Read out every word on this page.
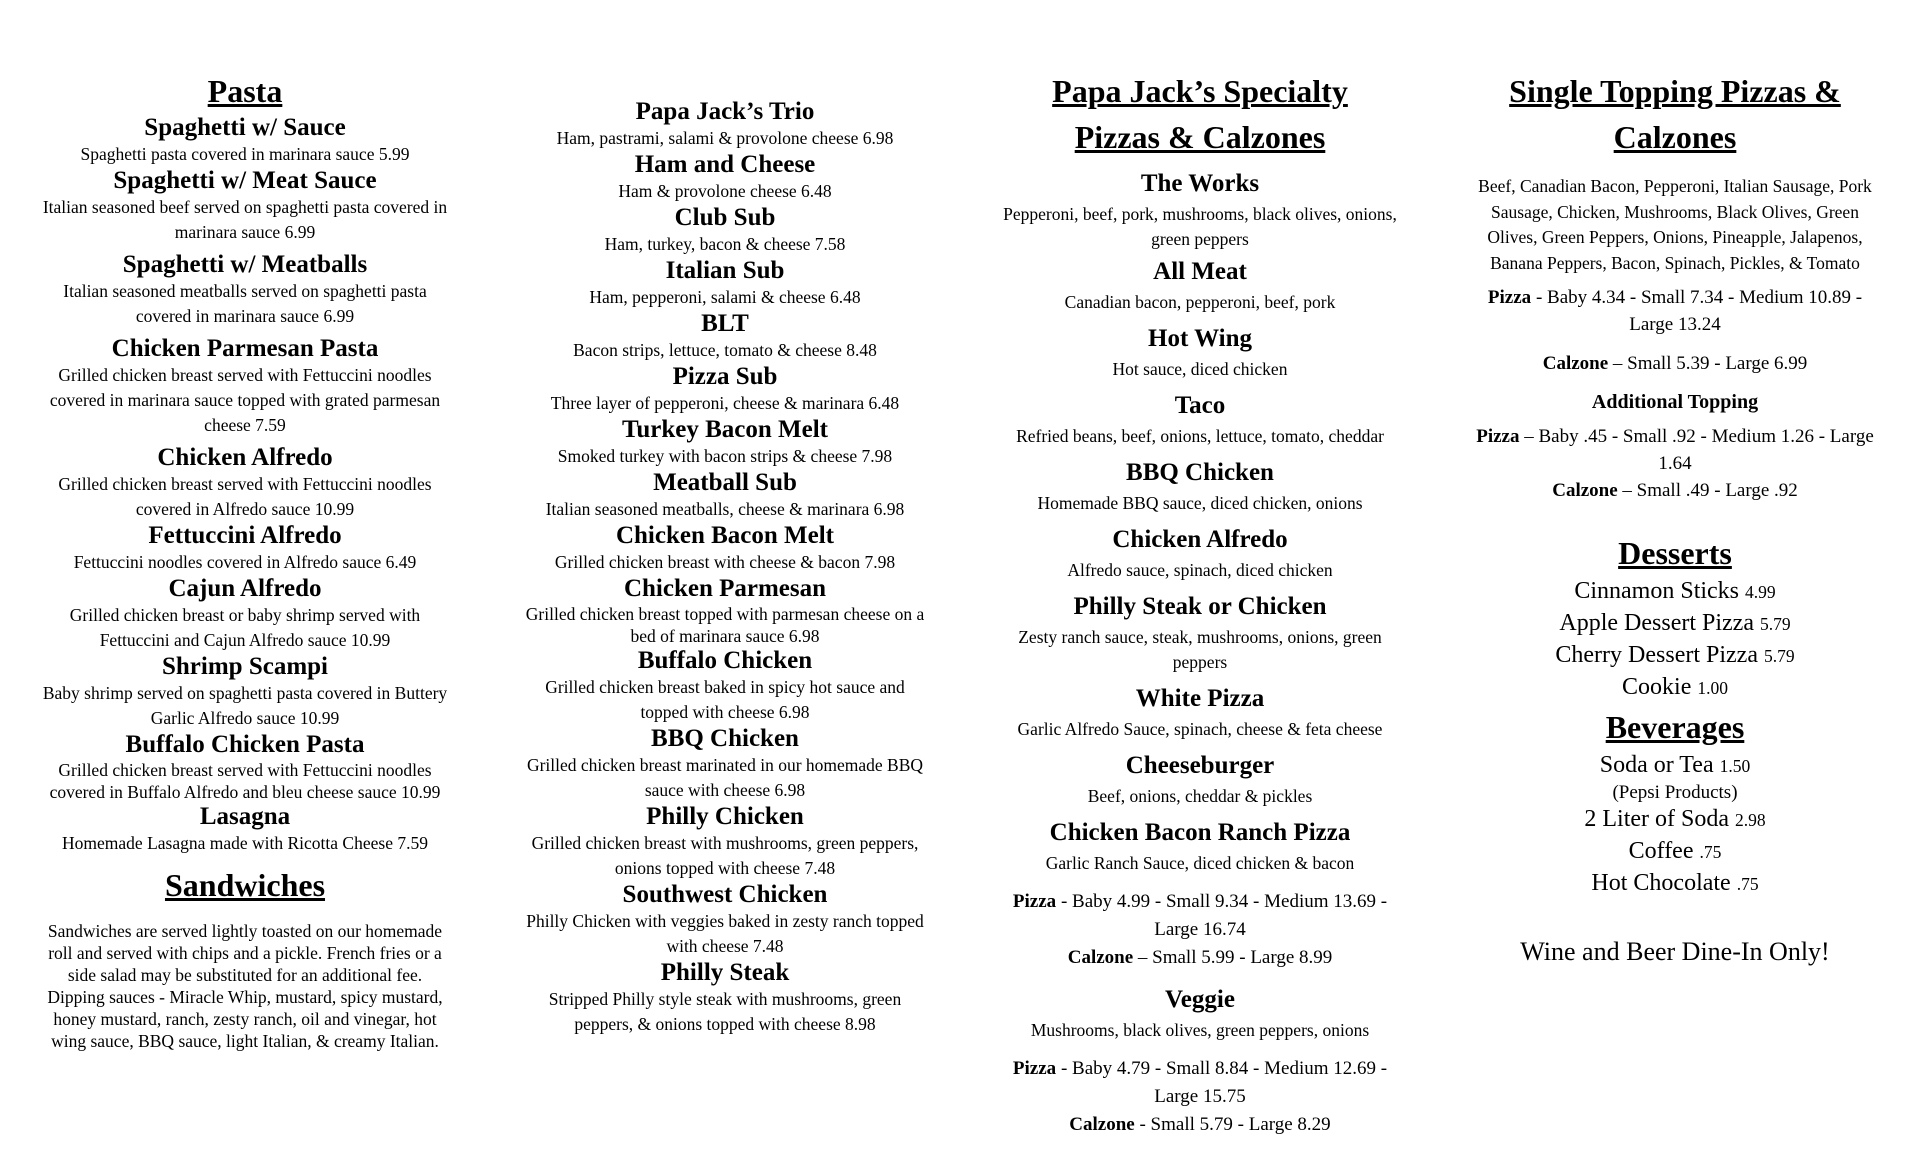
Pasta
Spaghetti w/ Sauce
Spaghetti pasta covered in marinara sauce 5.99
Spaghetti w/ Meat Sauce
Italian seasoned beef served on spaghetti pasta covered in marinara sauce 6.99
Spaghetti w/ Meatballs
Italian seasoned meatballs served on spaghetti pasta covered in marinara sauce 6.99
Chicken Parmesan Pasta
Grilled chicken breast served with Fettuccini noodles covered in marinara sauce topped with grated parmesan cheese 7.59
Chicken Alfredo
Grilled chicken breast served with Fettuccini noodles covered in Alfredo sauce 10.99
Fettuccini Alfredo
Fettuccini noodles covered in Alfredo sauce 6.49
Cajun Alfredo
Grilled chicken breast or baby shrimp served with Fettuccini and Cajun Alfredo sauce 10.99
Shrimp Scampi
Baby shrimp served on spaghetti pasta covered in Buttery Garlic Alfredo sauce 10.99
Buffalo Chicken Pasta
Grilled chicken breast served with Fettuccini noodles covered in Buffalo Alfredo and bleu cheese sauce 10.99
Lasagna
Homemade Lasagna made with Ricotta Cheese 7.59
Sandwiches
Sandwiches are served lightly toasted on our homemade roll and served with chips and a pickle. French fries or a side salad may be substituted for an additional fee. Dipping sauces - Miracle Whip, mustard, spicy mustard, honey mustard, ranch, zesty ranch, oil and vinegar, hot wing sauce, BBQ sauce, light Italian, & creamy Italian.
Papa Jack’s Trio
Ham, pastrami, salami & provolone cheese 6.98
Ham and Cheese
Ham & provolone cheese 6.48
Club Sub
Ham, turkey, bacon & cheese 7.58
Italian Sub
Ham, pepperoni, salami & cheese 6.48
BLT
Bacon strips, lettuce, tomato & cheese 8.48
Pizza Sub
Three layer of pepperoni, cheese & marinara 6.48
Turkey Bacon Melt
Smoked turkey with bacon strips & cheese 7.98
Meatball Sub
Italian seasoned meatballs, cheese & marinara 6.98
Chicken Bacon Melt
Grilled chicken breast with cheese & bacon 7.98
Chicken Parmesan
Grilled chicken breast topped with parmesan cheese on a bed of marinara sauce 6.98
Buffalo Chicken
Grilled chicken breast baked in spicy hot sauce and topped with cheese 6.98
BBQ Chicken
Grilled chicken breast marinated in our homemade BBQ sauce with cheese 6.98
Philly Chicken
Grilled chicken breast with mushrooms, green peppers, onions topped with cheese 7.48
Southwest Chicken
Philly Chicken with veggies baked in zesty ranch topped with cheese 7.48
Philly Steak
Stripped Philly style steak with mushrooms, green peppers, & onions topped with cheese 8.98
Papa Jack’s Specialty
Pizzas & Calzones
The Works
Pepperoni, beef, pork, mushrooms, black olives, onions, green peppers
All Meat
Canadian bacon, pepperoni, beef, pork
Hot Wing
Hot sauce, diced chicken
Taco
Refried beans, beef, onions, lettuce, tomato, cheddar
BBQ Chicken
Homemade BBQ sauce, diced chicken, onions
Chicken Alfredo
Alfredo sauce, spinach, diced chicken
Philly Steak or Chicken
Zesty ranch sauce, steak, mushrooms, onions, green peppers
White Pizza
Garlic Alfredo Sauce, spinach, cheese & feta cheese
Cheeseburger
Beef, onions, cheddar & pickles
Chicken Bacon Ranch Pizza
Garlic Ranch Sauce, diced chicken & bacon
Pizza - Baby 4.99 - Small 9.34 - Medium 13.69 - Large 16.74
Calzone – Small 5.99 - Large 8.99
Veggie
Mushrooms, black olives, green peppers, onions
Pizza - Baby 4.79 - Small 8.84 - Medium 12.69 - Large 15.75
Calzone - Small 5.79 - Large 8.29
Single Topping Pizzas &
Calzones
Beef, Canadian Bacon, Pepperoni, Italian Sausage, Pork Sausage, Chicken, Mushrooms, Black Olives, Green Olives, Green Peppers, Onions, Pineapple, Jalapenos, Banana Peppers, Bacon, Spinach, Pickles, & Tomato
Pizza - Baby 4.34 - Small 7.34 - Medium 10.89 - Large 13.24
Calzone – Small 5.39 - Large 6.99
Additional Topping
Pizza – Baby .45 - Small .92 - Medium 1.26 - Large 1.64
Calzone – Small .49 - Large .92
Desserts
Cinnamon Sticks 4.99
Apple Dessert Pizza 5.79
Cherry Dessert Pizza 5.79
Cookie 1.00
Beverages
Soda or Tea 1.50
(Pepsi Products)
2 Liter of Soda 2.98
Coffee .75
Hot Chocolate .75
Wine and Beer Dine-In Only!
